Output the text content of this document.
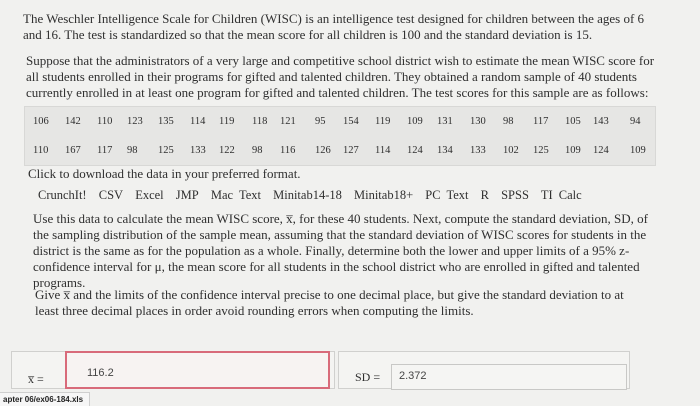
The Weschler Intelligence Scale for Children (WISC) is an intelligence test designed for children between the ages of 6 and 16. The test is standardized so that the mean score for all children is 100 and the standard deviation is 15.

Suppose that the administrators of a very large and competitive school district wish to estimate the mean WISC score for all students enrolled in their programs for gifted and talented children. They obtained a random sample of 40 students currently enrolled in at least one program for gifted and talented children. The test scores for this sample are as follows:

106 142 110 123 135 114 119 118 121 95 154 119 109 131 130 98 117 105 143 94
110 167 117 98 125 133 122 98 116 126 127 114 124 134 133 102 125 109 124 109

Click to download the data in your preferred format.

CrunchIt! CSV Excel JMP Mac Text Minitab14-18 Minitab18+ PC Text R SPSS TI Calc

Use this data to calculate the mean WISC score, x̅, for these 40 students. Next, compute the standard deviation, SD, of the sampling distribution of the sample mean, assuming that the standard deviation of WISC scores for students in the district is the same as for the population as a whole. Finally, determine both the lower and upper limits of a 95% z-confidence interval for μ, the mean score for all students in the school district who are enrolled in gifted and talented programs.

Give x̅ and the limits of the confidence interval precise to one decimal place, but give the standard deviation to at least three decimal places in order avoid rounding errors when computing the limits.

x̅ =	116.2	SD =	2.372
apter 06/ex06-184.xls
